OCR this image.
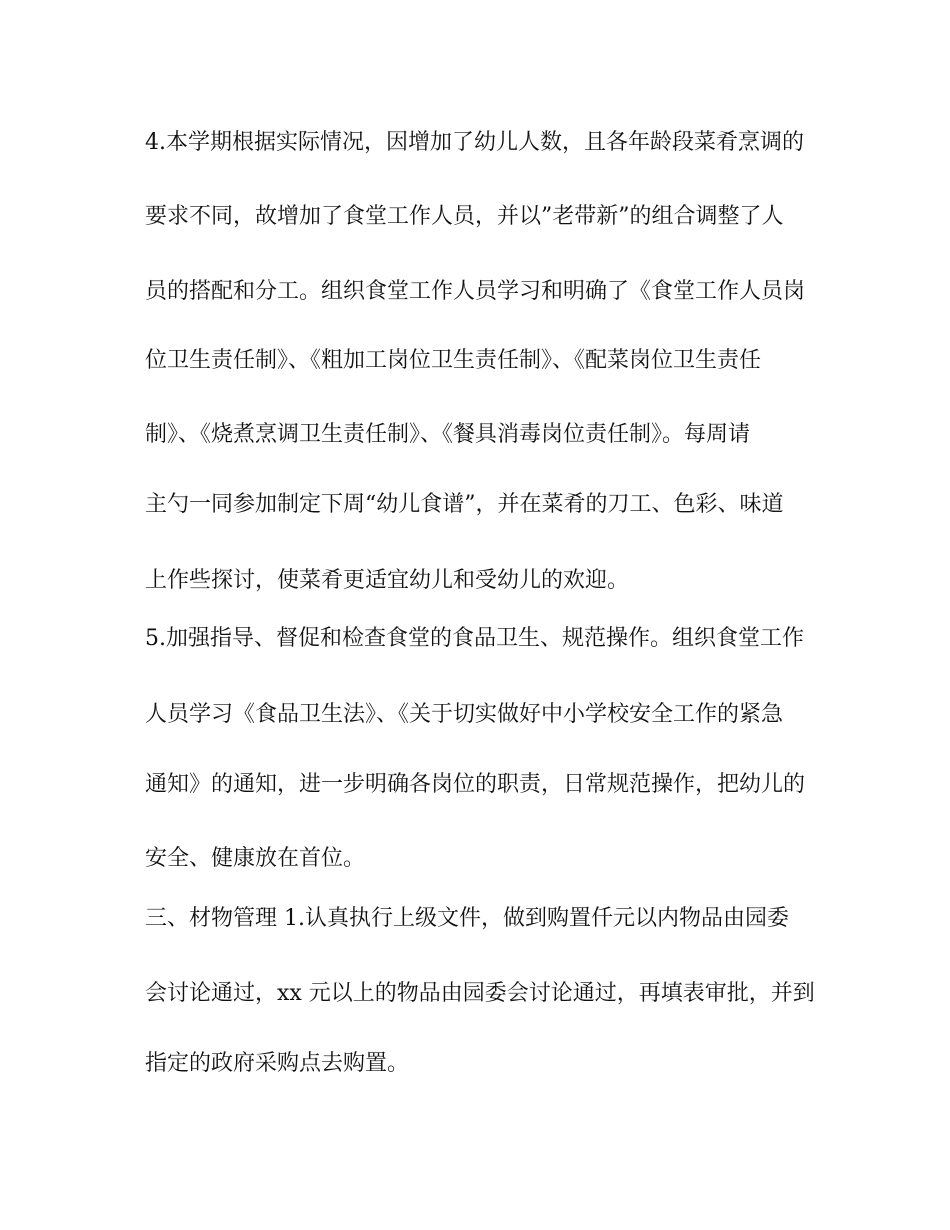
4.本学期根据实际情况，因增加了幼儿人数，且各年龄段菜肴烹调的
要求不同，故增加了食堂工作人员，并以”老带新”的组合调整了人
员的搭配和分工。组织食堂工作人员学习和明确了《食堂工作人员岗
位卫生责任制》、《粗加工岗位卫生责任制》、《配菜岗位卫生责任
制》、《烧煮烹调卫生责任制》、《餐具消毒岗位责任制》。每周请
主勺一同参加制定下周“幼儿食谱”，并在菜肴的刀工、色彩、味道
上作些探讨，使菜肴更适宜幼儿和受幼儿的欢迎。
5.加强指导、督促和检查食堂的食品卫生、规范操作。组织食堂工作
人员学习《食品卫生法》、《关于切实做好中小学校安全工作的紧急
通知》的通知，进一步明确各岗位的职责，日常规范操作，把幼儿的
安全、健康放在首位。
三、材物管理 1.认真执行上级文件，做到购置仟元以内物品由园委
会讨论通过，xx 元以上的物品由园委会讨论通过，再填表审批，并到
指定的政府采购点去购置。
